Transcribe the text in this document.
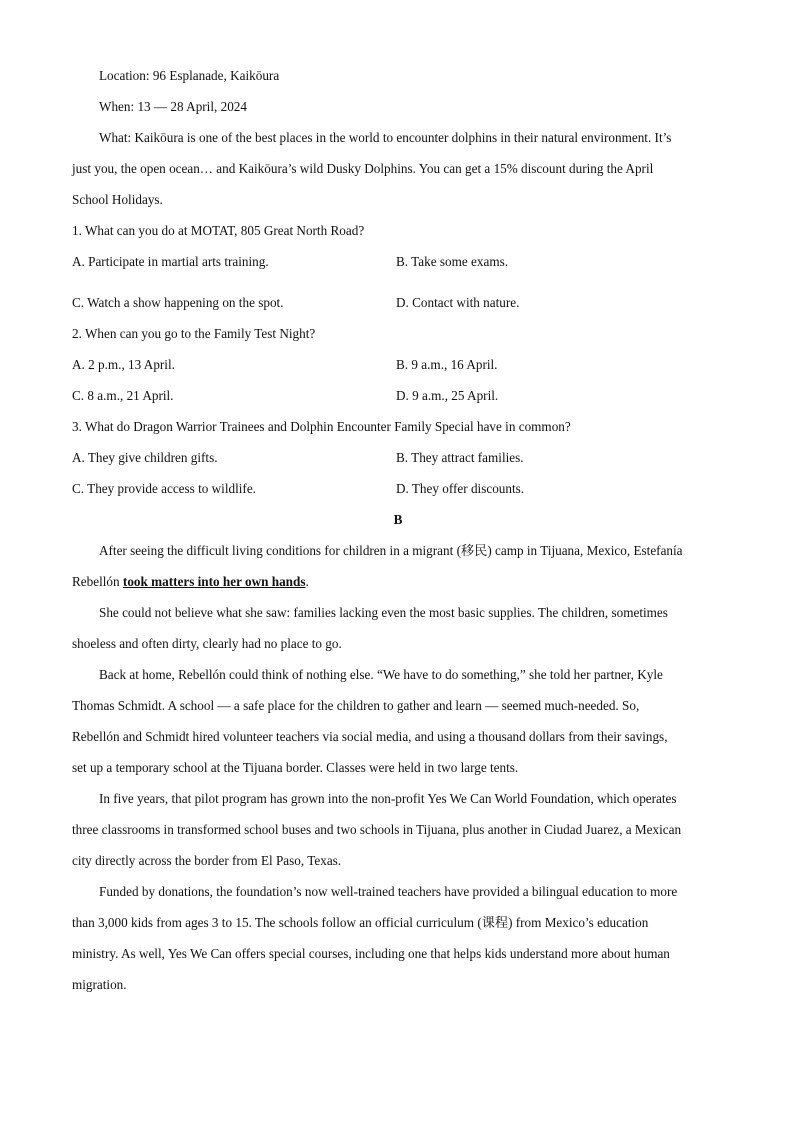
Location: 96 Esplanade, Kaikōura
When: 13 — 28 April, 2024
What: Kaikōura is one of the best places in the world to encounter dolphins in their natural environment. It’s
just you, the open ocean… and Kaikōura’s wild Dusky Dolphins. You can get a 15% discount during the April
School Holidays.
1. What can you do at MOTAT, 805 Great North Road?
A. Participate in martial arts training.	B. Take some exams.
C. Watch a show happening on the spot.	D. Contact with nature.
2. When can you go to the Family Test Night?
A. 2 p.m., 13 April.	B. 9 a.m., 16 April.
C. 8 a.m., 21 April.	D. 9 a.m., 25 April.
3. What do Dragon Warrior Trainees and Dolphin Encounter Family Special have in common?
A. They give children gifts.	B. They attract families.
C. They provide access to wildlife.	D. They offer discounts.
B
After seeing the difficult living conditions for children in a migrant (移民) camp in Tijuana, Mexico, Estefanía
Rebellón took matters into her own hands.
She could not believe what she saw: families lacking even the most basic supplies. The children, sometimes
shoeless and often dirty, clearly had no place to go.
Back at home, Rebellón could think of nothing else. “We have to do something,” she told her partner, Kyle
Thomas Schmidt. A school — a safe place for the children to gather and learn — seemed much-needed. So,
Rebellón and Schmidt hired volunteer teachers via social media, and using a thousand dollars from their savings,
set up a temporary school at the Tijuana border. Classes were held in two large tents.
In five years, that pilot program has grown into the non-profit Yes We Can World Foundation, which operates
three classrooms in transformed school buses and two schools in Tijuana, plus another in Ciudad Juarez, a Mexican
city directly across the border from El Paso, Texas.
Funded by donations, the foundation’s now well-trained teachers have provided a bilingual education to more
than 3,000 kids from ages 3 to 15. The schools follow an official curriculum (课程) from Mexico’s education
ministry. As well, Yes We Can offers special courses, including one that helps kids understand more about human
migration.
